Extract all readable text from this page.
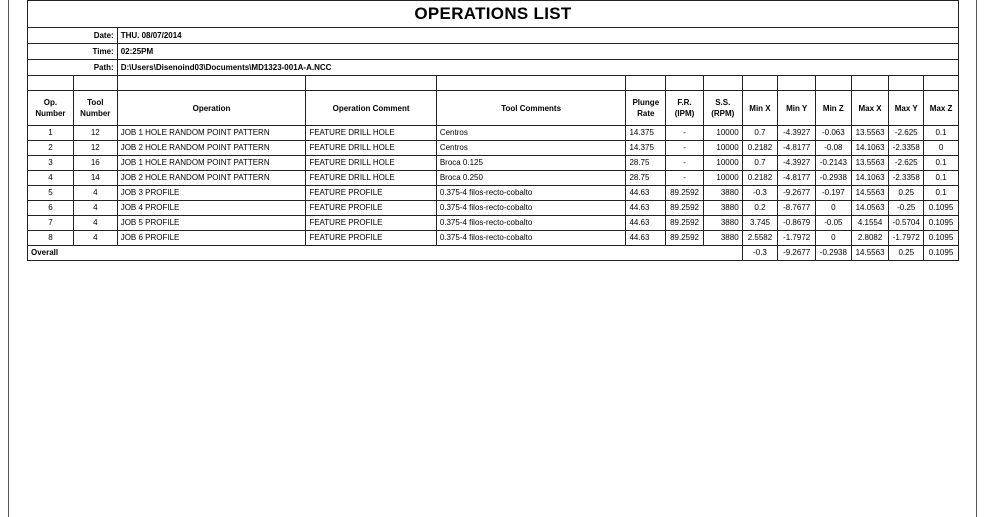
OPERATIONS LIST													
Date:		THU. 08/07/2014											
Time:		02:25PM											
Path:		D:\Users\Disenoind03\Documents\MD1323-001A-A.NCC											

Op. Number	Tool Number	Operation	Operation Comment	Tool Comments	Plunge Rate	F.R. (IPM)	S.S. (RPM)	Min X	Min Y	Min Z	Max X	Max Y	Max Z
1	12	JOB 1 HOLE RANDOM POINT PATTERN	FEATURE DRILL HOLE	Centros	14.375	-	10000	0.7	-4.3927	-0.063	13.5563	-2.625	0.1
2	12	JOB 2 HOLE RANDOM POINT PATTERN	FEATURE DRILL HOLE	Centros	14.375	-	10000	0.2182	-4.8177	-0.08	14.1063	-2.3358	0
3	16	JOB 1 HOLE RANDOM POINT PATTERN	FEATURE DRILL HOLE	Broca 0.125	28.75	-	10000	0.7	-4.3927	-0.2143	13.5563	-2.625	0.1
4	14	JOB 2 HOLE RANDOM POINT PATTERN	FEATURE DRILL HOLE	Broca 0.250	28.75	-	10000	0.2182	-4.8177	-0.2938	14.1063	-2.3358	0.1
5	4	JOB 3 PROFILE	FEATURE PROFILE	0.375-4 filos-recto-cobalto	44.63	89.2592	3880	-0.3	-9.2677	-0.197	14.5563	0.25	0.1
6	4	JOB 4 PROFILE	FEATURE PROFILE	0.375-4 filos-recto-cobalto	44.63	89.2592	3880	0.2	-8.7677	0	14.0563	-0.25	0.1095
7	4	JOB 5 PROFILE	FEATURE PROFILE	0.375-4 filos-recto-cobalto	44.63	89.2592	3880	3.745	-0.8679	-0.05	4.1554	-0.5704	0.1095
8	4	JOB 6 PROFILE	FEATURE PROFILE	0.375-4 filos-recto-cobalto	44.63	89.2592	3880	2.5582	-1.7972	0	2.8082	-1.7972	0.1095
Overall								-0.3	-9.2677	-0.2938	14.5563	0.25	0.1095
